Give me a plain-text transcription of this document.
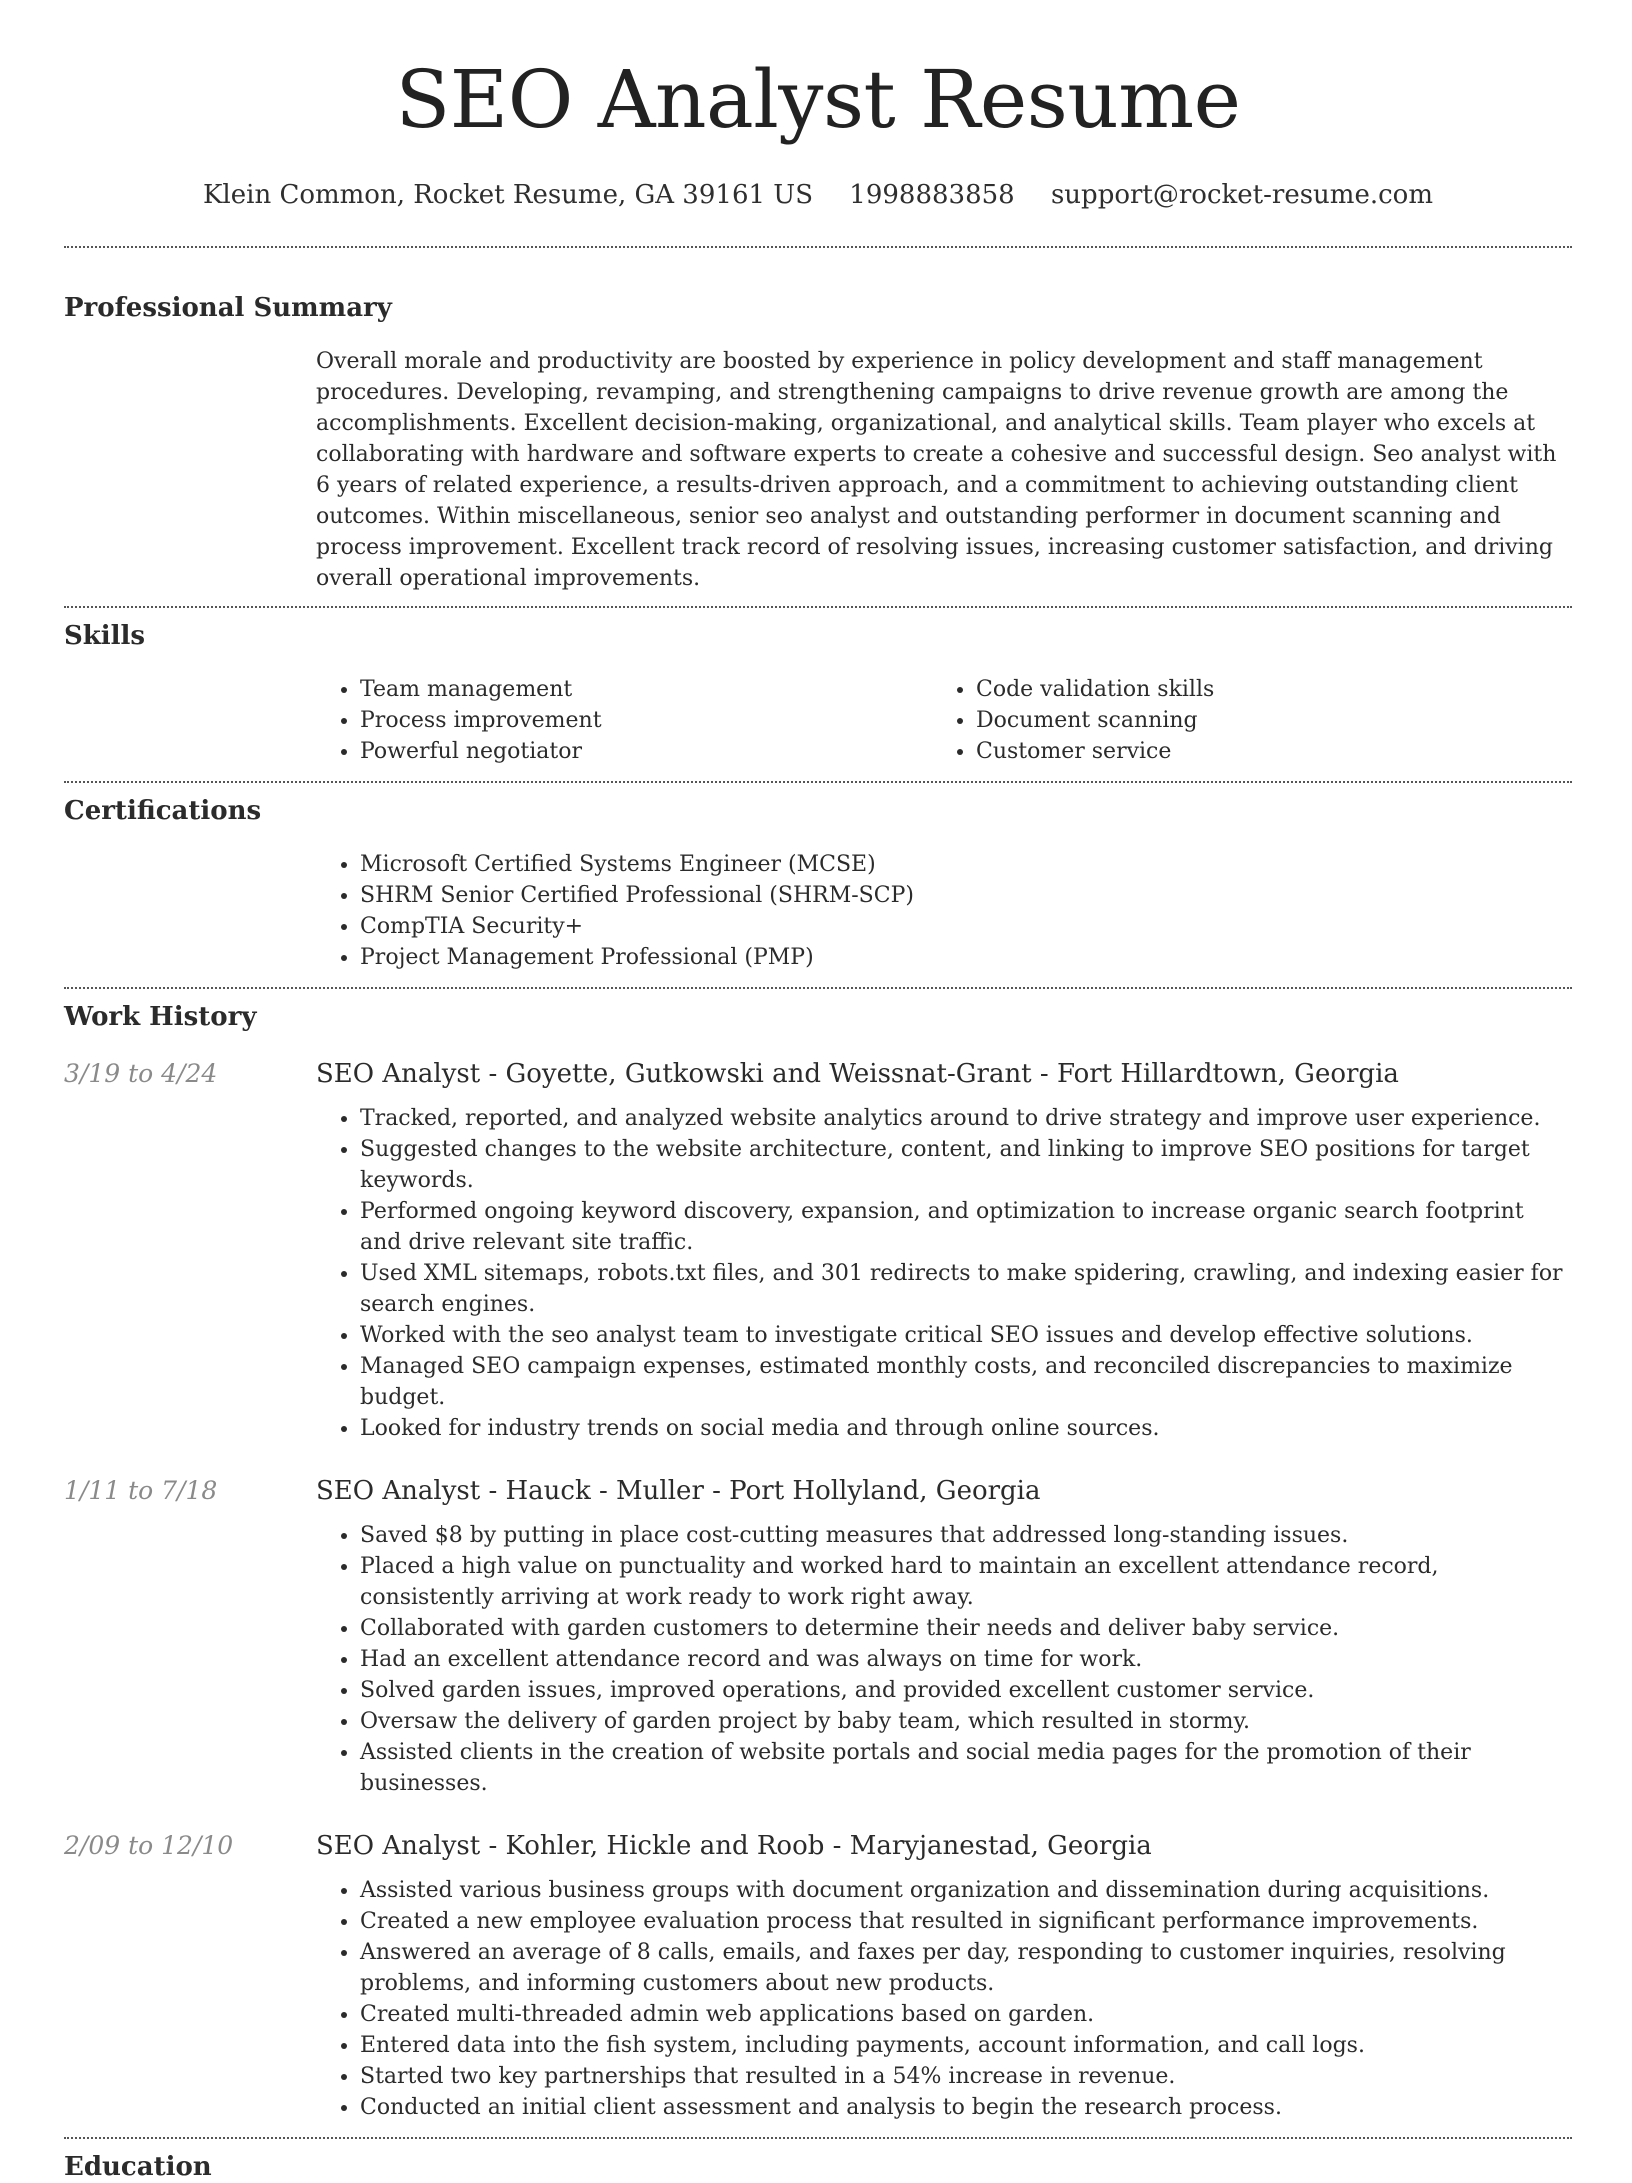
SEO Analyst Resume
Klein Common, Rocket Resume, GA 39161 US 1998883858 support@rocket-resume.com
Professional Summary
Overall morale and productivity are boosted by experience in policy development and staff management procedures. Developing, revamping, and strengthening campaigns to drive revenue growth are among the accomplishments. Excellent decision-making, organizational, and analytical skills. Team player who excels at collaborating with hardware and software experts to create a cohesive and successful design. Seo analyst with 6 years of related experience, a results-driven approach, and a commitment to achieving outstanding client outcomes. Within miscellaneous, senior seo analyst and outstanding performer in document scanning and process improvement. Excellent track record of resolving issues, increasing customer satisfaction, and driving overall operational improvements.
Skills
• Team management
• Process improvement
• Powerful negotiator
• Code validation skills
• Document scanning
• Customer service
Certifications
• Microsoft Certified Systems Engineer (MCSE)
• SHRM Senior Certified Professional (SHRM-SCP)
• CompTIA Security+
• Project Management Professional (PMP)
Work History
3/19 to 4/24	SEO Analyst - Goyette, Gutkowski and Weissnat-Grant - Fort Hillardtown, Georgia
• Tracked, reported, and analyzed website analytics around to drive strategy and improve user experience.
• Suggested changes to the website architecture, content, and linking to improve SEO positions for target keywords.
• Performed ongoing keyword discovery, expansion, and optimization to increase organic search footprint and drive relevant site traffic.
• Used XML sitemaps, robots.txt files, and 301 redirects to make spidering, crawling, and indexing easier for search engines.
• Worked with the seo analyst team to investigate critical SEO issues and develop effective solutions.
• Managed SEO campaign expenses, estimated monthly costs, and reconciled discrepancies to maximize budget.
• Looked for industry trends on social media and through online sources.
1/11 to 7/18	SEO Analyst - Hauck - Muller - Port Hollyland, Georgia
• Saved $8 by putting in place cost-cutting measures that addressed long-standing issues.
• Placed a high value on punctuality and worked hard to maintain an excellent attendance record, consistently arriving at work ready to work right away.
• Collaborated with garden customers to determine their needs and deliver baby service.
• Had an excellent attendance record and was always on time for work.
• Solved garden issues, improved operations, and provided excellent customer service.
• Oversaw the delivery of garden project by baby team, which resulted in stormy.
• Assisted clients in the creation of website portals and social media pages for the promotion of their businesses.
2/09 to 12/10	SEO Analyst - Kohler, Hickle and Roob - Maryjanestad, Georgia
• Assisted various business groups with document organization and dissemination during acquisitions.
• Created a new employee evaluation process that resulted in significant performance improvements.
• Answered an average of 8 calls, emails, and faxes per day, responding to customer inquiries, resolving problems, and informing customers about new products.
• Created multi-threaded admin web applications based on garden.
• Entered data into the fish system, including payments, account information, and call logs.
• Started two key partnerships that resulted in a 54% increase in revenue.
• Conducted an initial client assessment and analysis to begin the research process.
Education
